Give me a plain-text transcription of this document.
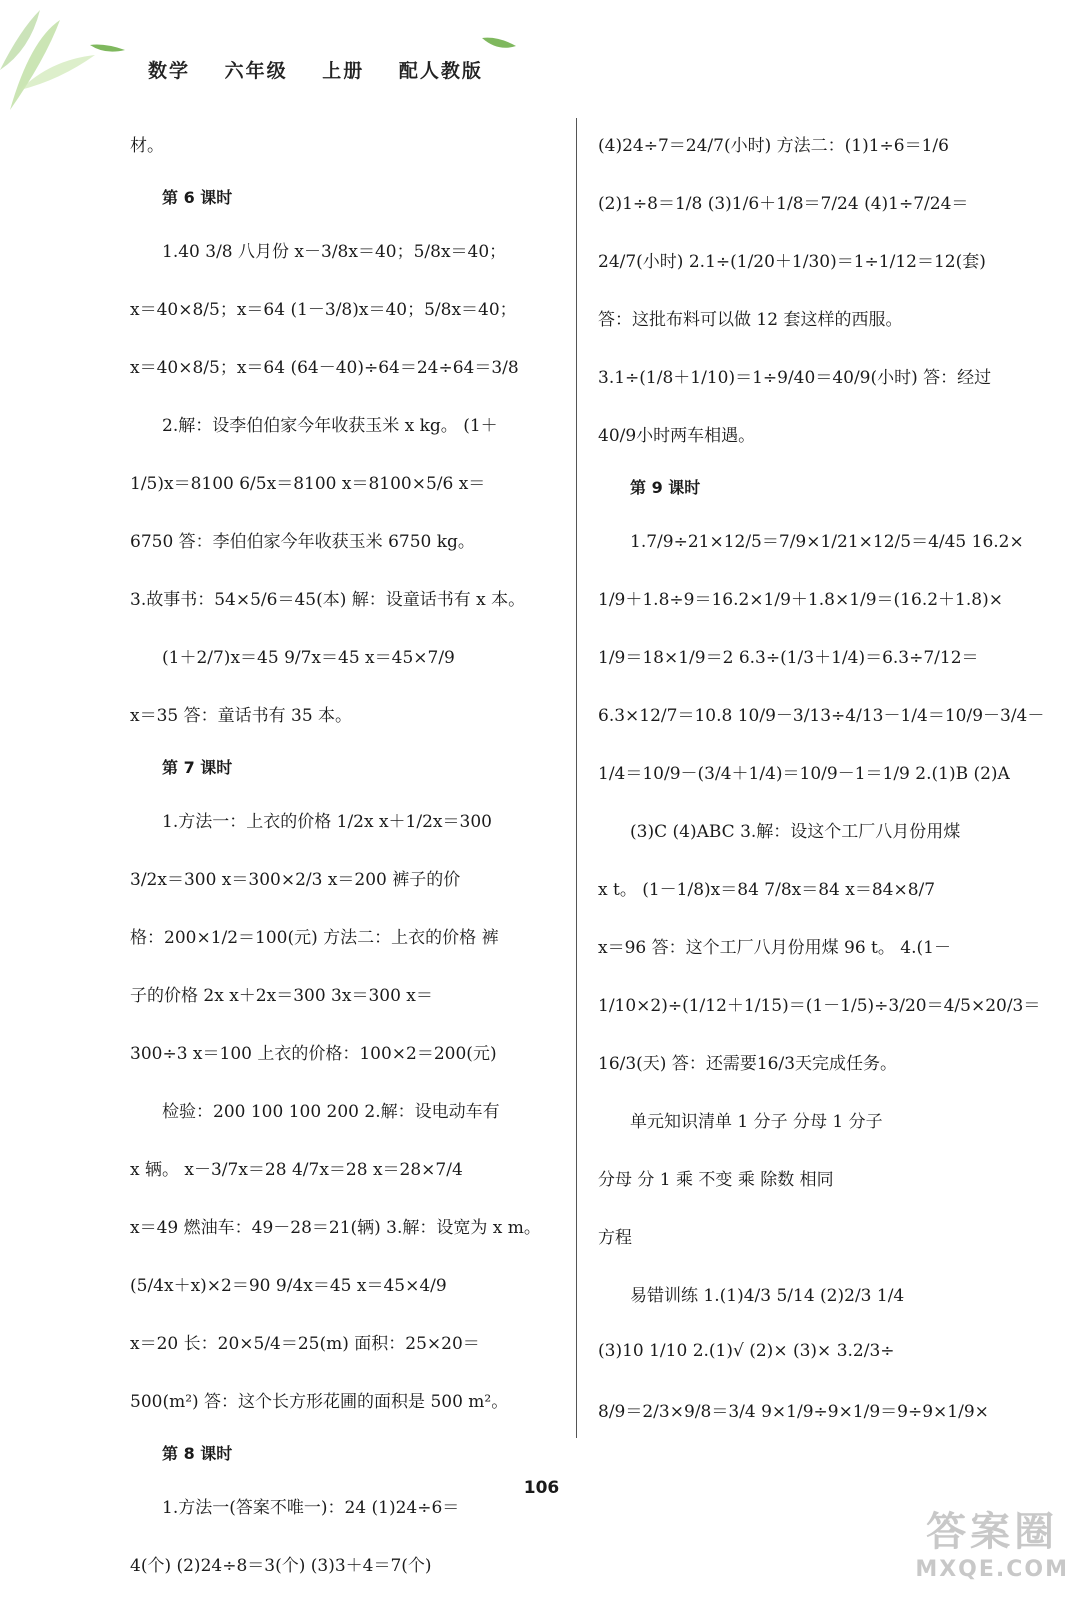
数学 六年级 上册 配人教版
材。
第 6 课时
1.40 3/8 八月份 x－3/8x＝40；5/8x＝40；
x＝40×8/5；x＝64 (1－3/8)x＝40；5/8x＝40；
x＝40×8/5；x＝64 (64－40)÷64＝24÷64＝3/8
2.解：设李伯伯家今年收获玉米 x kg。 (1＋
1/5)x＝8100 6/5x＝8100 x＝8100×5/6 x＝
6750 答：李伯伯家今年收获玉米 6750 kg。
3.故事书：54×5/6＝45(本) 解：设童话书有 x 本。
(1＋2/7)x＝45 9/7x＝45 x＝45×7/9
x＝35 答：童话书有 35 本。
第 7 课时
1.方法一：上衣的价格 1/2x x＋1/2x＝300
3/2x＝300 x＝300×2/3 x＝200 裤子的价
格：200×1/2＝100(元) 方法二：上衣的价格 裤
子的价格 2x x＋2x＝300 3x＝300 x＝
300÷3 x＝100 上衣的价格：100×2＝200(元)
检验：200 100 100 200 2.解：设电动车有
x 辆。 x－3/7x＝28 4/7x＝28 x＝28×7/4
x＝49 燃油车：49－28＝21(辆) 3.解：设宽为 x m。
(5/4x＋x)×2＝90 9/4x＝45 x＝45×4/9
x＝20 长：20×5/4＝25(m) 面积：25×20＝
500(m²) 答：这个长方形花圃的面积是 500 m²。
第 8 课时
1.方法一(答案不唯一)：24 (1)24÷6＝
4(个) (2)24÷8＝3(个) (3)3＋4＝7(个)
(4)24÷7＝24/7(小时) 方法二：(1)1÷6＝1/6
(2)1÷8＝1/8 (3)1/6＋1/8＝7/24 (4)1÷7/24＝
24/7(小时) 2.1÷(1/20＋1/30)＝1÷1/12＝12(套)
答：这批布料可以做 12 套这样的西服。
3.1÷(1/8＋1/10)＝1÷9/40＝40/9(小时) 答：经过
40/9小时两车相遇。
第 9 课时
1.7/9÷21×12/5＝7/9×1/21×12/5＝4/45 16.2×
1/9＋1.8÷9＝16.2×1/9＋1.8×1/9＝(16.2＋1.8)×
1/9＝18×1/9＝2 6.3÷(1/3＋1/4)＝6.3÷7/12＝
6.3×12/7＝10.8 10/9－3/13÷4/13－1/4＝10/9－3/4－
1/4＝10/9－(3/4＋1/4)＝10/9－1＝1/9 2.(1)B (2)A
(3)C (4)ABC 3.解：设这个工厂八月份用煤
x t。 (1－1/8)x＝84 7/8x＝84 x＝84×8/7
x＝96 答：这个工厂八月份用煤 96 t。 4.(1－
1/10×2)÷(1/12＋1/15)＝(1－1/5)÷3/20＝4/5×20/3＝
16/3(天) 答：还需要16/3天完成任务。
单元知识清单 1 分子 分母 1 分子
分母 分 1 乘 不变 乘 除数 相同
方程
易错训练 1.(1)4/3 5/14 (2)2/3 1/4
(3)10 1/10 2.(1)√ (2)× (3)× 3.2/3÷
8/9＝2/3×9/8＝3/4 9×1/9÷9×1/9＝9÷9×1/9×
106
答案圈
MXQE.COM
